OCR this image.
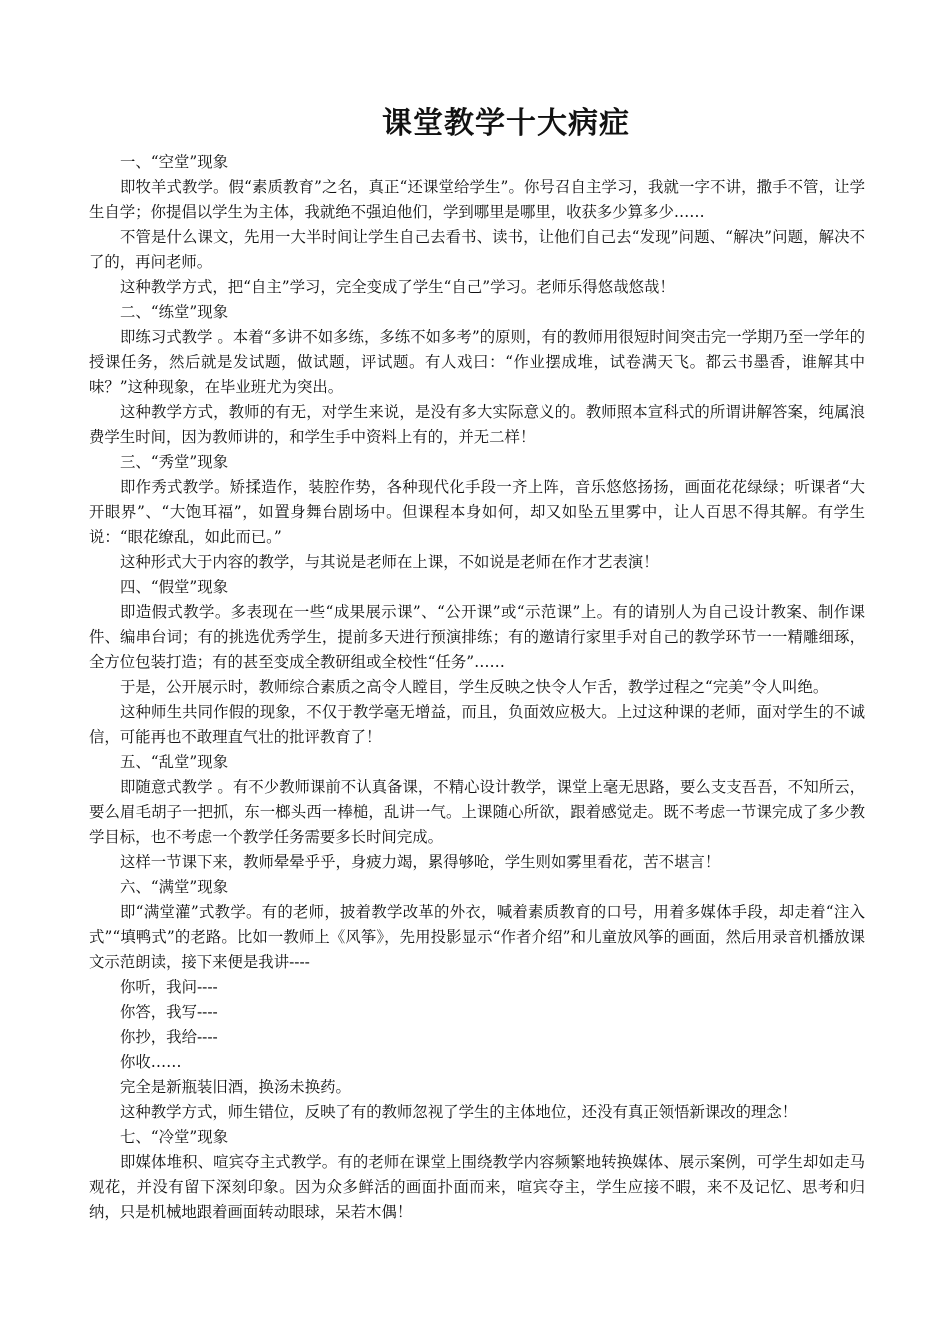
课堂教学十大病症

一、“空堂”现象

即牧羊式教学。假“素质教育”之名，真正“还课堂给学生”。你号召自主学习，我就一字不讲，撒手不管，让学生自学；你提倡以学生为主体，我就绝不强迫他们，学到哪里是哪里，收获多少算多少……

不管是什么课文，先用一大半时间让学生自己去看书、读书，让他们自己去“发现”问题、“解决”问题，解决不了的，再问老师。

这种教学方式，把“自主”学习，完全变成了学生“自己”学习。老师乐得悠哉悠哉！

二、“练堂”现象

即练习式教学 。本着“多讲不如多练，多练不如多考”的原则，有的教师用很短时间突击完一学期乃至一学年的授课任务，然后就是发试题，做试题，评试题。有人戏曰：“作业摆成堆，试卷满天飞。都云书墨香，谁解其中味？”这种现象，在毕业班尤为突出。

这种教学方式，教师的有无，对学生来说，是没有多大实际意义的。教师照本宣科式的所谓讲解答案，纯属浪费学生时间，因为教师讲的，和学生手中资料上有的，并无二样！

三、“秀堂”现象

即作秀式教学。矫揉造作，装腔作势，各种现代化手段一齐上阵，音乐悠悠扬扬，画面花花绿绿；听课者“大开眼界”、“大饱耳福”，如置身舞台剧场中。但课程本身如何，却又如坠五里雾中，让人百思不得其解。有学生说：“眼花缭乱，如此而已。”

这种形式大于内容的教学，与其说是老师在上课，不如说是老师在作才艺表演！

四、“假堂”现象

即造假式教学。多表现在一些“成果展示课”、“公开课”或“示范课”上。有的请别人为自己设计教案、制作课件、编串台词；有的挑选优秀学生，提前多天进行预演排练；有的邀请行家里手对自己的教学环节一一精雕细琢，全方位包装打造；有的甚至变成全教研组或全校性“任务”……

于是，公开展示时，教师综合素质之高令人瞠目，学生反映之快令人乍舌，教学过程之“完美”令人叫绝。

这种师生共同作假的现象，不仅于教学毫无增益，而且，负面效应极大。上过这种课的老师，面对学生的不诚信，可能再也不敢理直气壮的批评教育了！

五、“乱堂”现象

即随意式教学 。有不少教师课前不认真备课，不精心设计教学，课堂上毫无思路，要么支支吾吾，不知所云，要么眉毛胡子一把抓，东一榔头西一棒槌，乱讲一气。上课随心所欲，跟着感觉走。既不考虑一节课完成了多少教学目标，也不考虑一个教学任务需要多长时间完成。

这样一节课下来，教师晕晕乎乎，身疲力竭，累得够呛，学生则如雾里看花，苦不堪言！

六、“满堂”现象

即“满堂灌”式教学。有的老师，披着教学改革的外衣，喊着素质教育的口号，用着多媒体手段，却走着“注入式”“填鸭式”的老路。比如一教师上《风筝》，先用投影显示“作者介绍”和儿童放风筝的画面，然后用录音机播放课文示范朗读，接下来便是我讲----

你听，我问----

你答，我写----

你抄，我给----

你收……

完全是新瓶装旧酒，换汤未换药。

这种教学方式，师生错位，反映了有的教师忽视了学生的主体地位，还没有真正领悟新课改的理念！

七、“冷堂”现象

即媒体堆积、喧宾夺主式教学。有的老师在课堂上围绕教学内容频繁地转换媒体、展示案例，可学生却如走马观花，并没有留下深刻印象。因为众多鲜活的画面扑面而来，喧宾夺主，学生应接不暇，来不及记忆、思考和归纳，只是机械地跟着画面转动眼球，呆若木偶！
